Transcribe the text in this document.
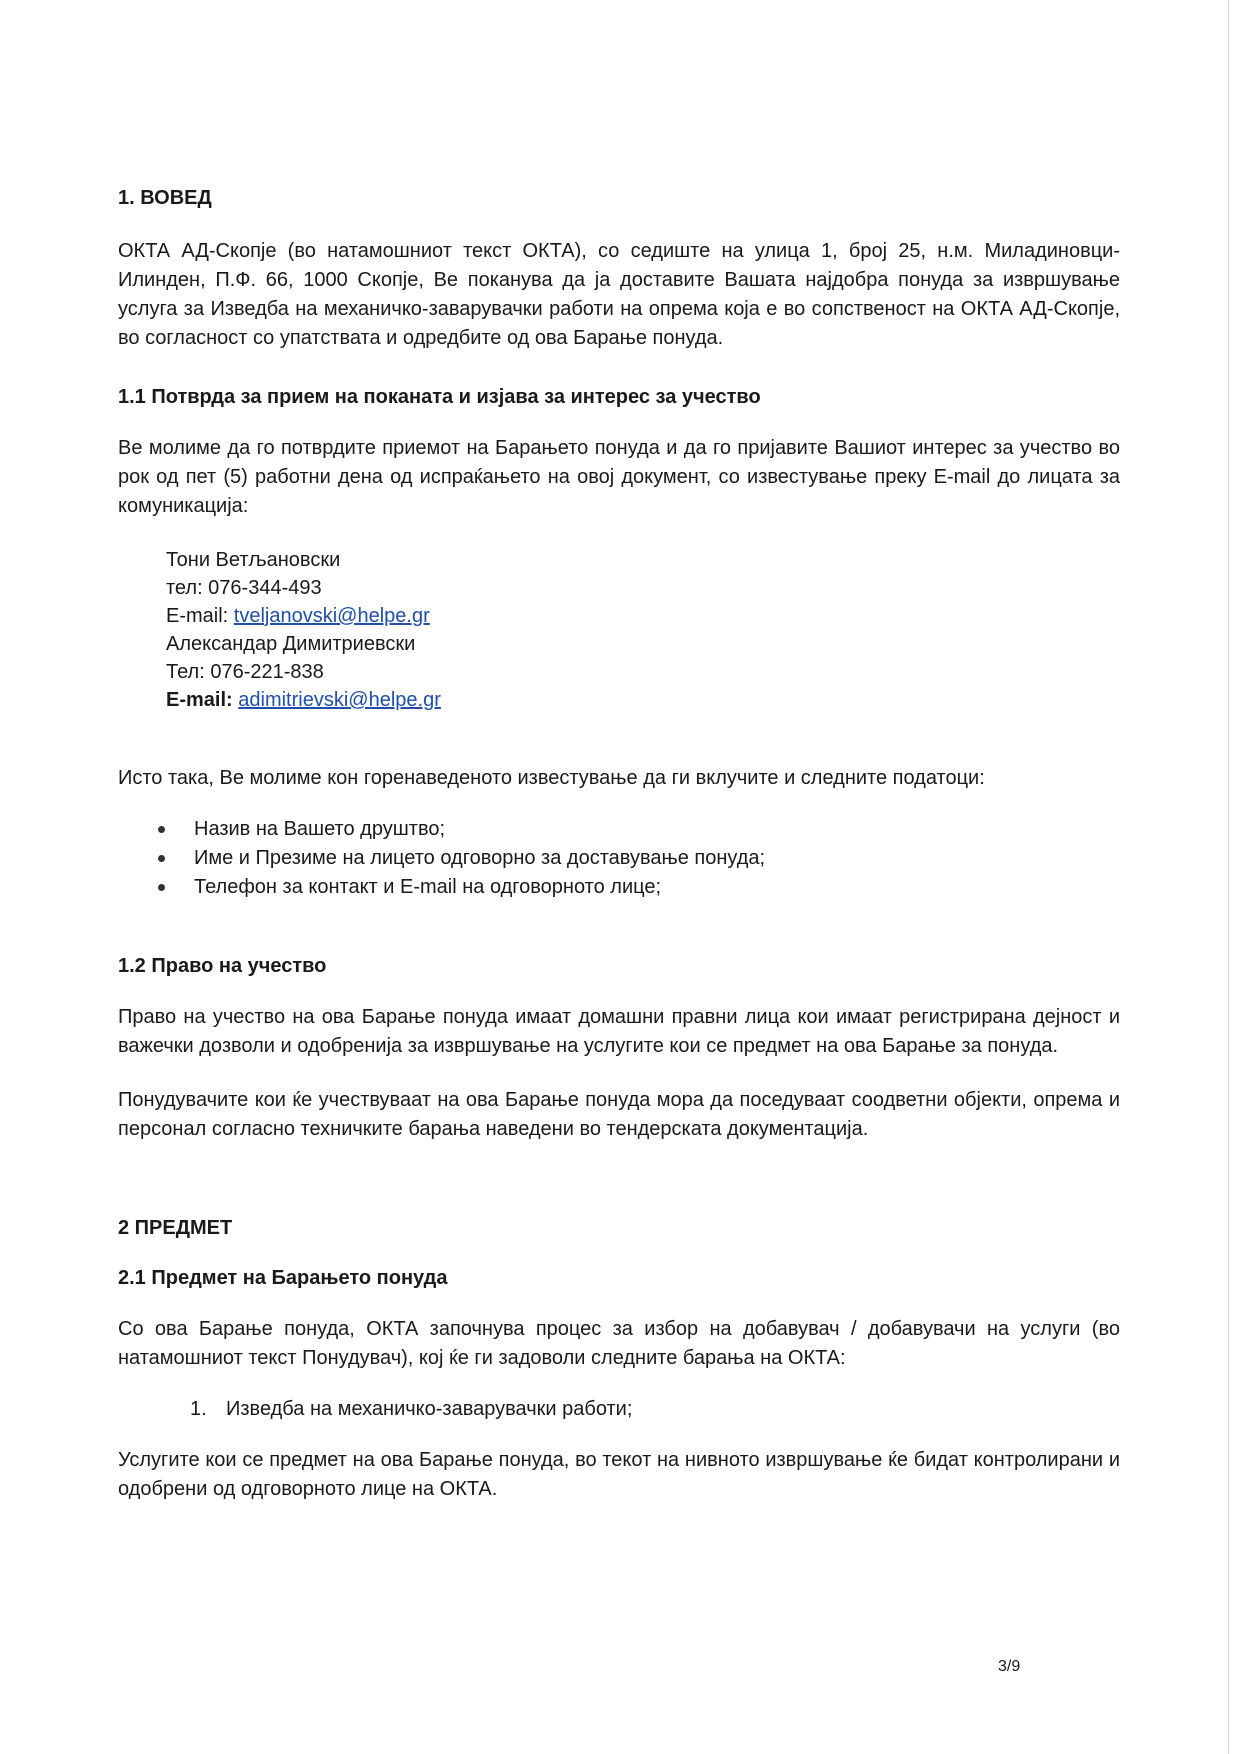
1. ВОВЕД

ОКТА АД-Скопје (во натамошниот текст ОКТА), со седиште на улица 1, број 25, н.м. Миладиновци-Илинден, П.Ф. 66, 1000 Скопје, Ве поканува да ја доставите Вашата најдобра понуда за извршување услуга за Изведба на механичко-заварувачки работи на опрема која е во сопственост на ОКТА АД-Скопје, во согласност со упатствата и одредбите од ова Барање понуда.

1.1 Потврда за прием на поканата и изјава за интерес за учество

Ве молиме да го потврдите приемот на Барањето понуда и да го пријавите Вашиот интерес за учество во рок од пет (5) работни дена од испраќањето на овој документ, со известување преку E-mail до лицата за комуникација:

Тони Ветљановски
тел: 076-344-493
E-mail: tveljanovski@helpe.gr
Александар Димитриевски
Тел: 076-221-838
E-mail: adimitrievski@helpe.gr

Исто така, Ве молиме кон горенаведеното известување да ги вклучите и следните податоци:

Назив на Вашето друштво;
Име и Презиме на лицето одговорно за доставување понуда;
Телефон за контакт и E-mail на одговорното лице;

1.2 Право на учество

Право на учество на ова Барање понуда имаат домашни правни лица кои имаат регистрирана дејност и важечки дозволи и одобренија за извршување на услугите кои се предмет на ова Барање за понуда.

Понудувачите кои ќе учествуваат на ова Барање понуда мора да поседуваат соодветни објекти, опрема и персонал согласно техничките барања наведени во тендерската документација.

2 ПРЕДМЕТ

2.1 Предмет на Барањето понуда

Со ова Барање понуда, ОКТА започнува процес за избор на добавувач / добавувачи на услуги (во натамошниот текст Понудувач), кој ќе ги задоволи следните барања на ОКТА:

1. Изведба на механичко-заварувачки работи;

Услугите кои се предмет на ова Барање понуда, во текот на нивното извршување ќе бидат контролирани и одобрени од одговорното лице на ОКТА.

3/9
